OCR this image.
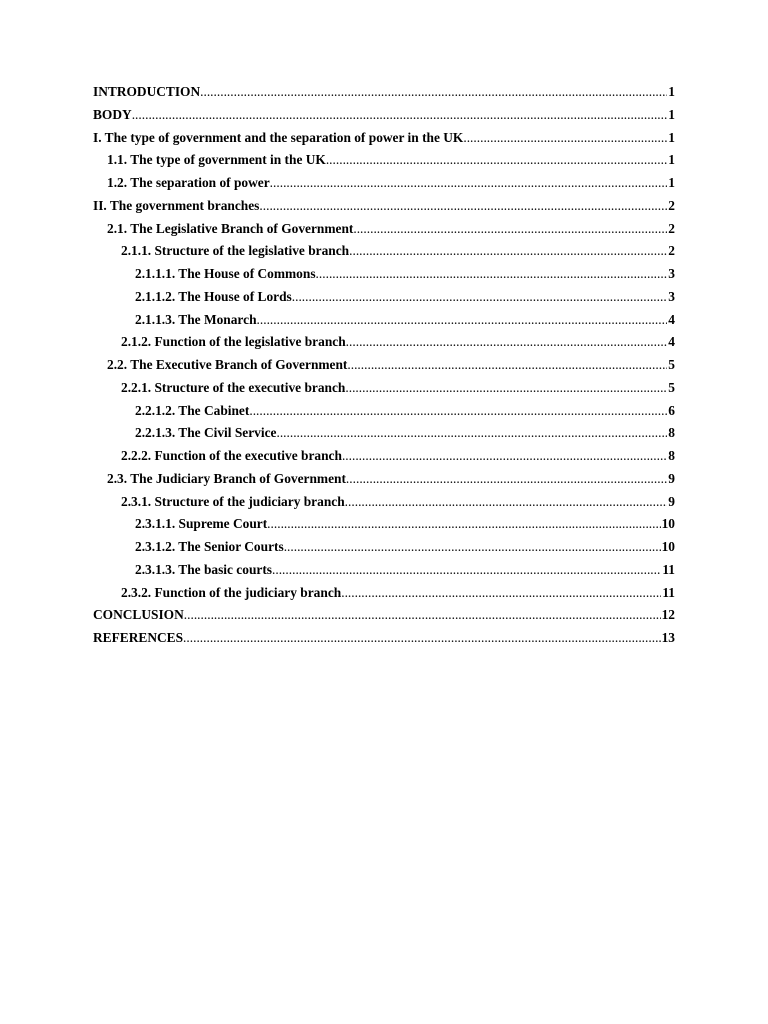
INTRODUCTION .....	1
BODY .....	1
I. The type of government and the separation of power in the UK .....	1
1.1. The type of government in the UK .....	1
1.2. The separation of power .....	1
II. The government branches .....	2
2.1. The Legislative Branch of Government .....	2
2.1.1. Structure of the legislative branch .....	2
2.1.1.1. The House of Commons .....	3
2.1.1.2. The House of Lords .....	3
2.1.1.3. The Monarch .....	4
2.1.2. Function of the legislative branch .....	4
2.2. The Executive Branch of Government .....	5
2.2.1. Structure of the executive branch .....	5
2.2.1.2. The Cabinet .....	6
2.2.1.3. The Civil Service .....	8
2.2.2. Function of the executive branch .....	8
2.3. The Judiciary Branch of Government .....	9
2.3.1. Structure of the judiciary branch .....	9
2.3.1.1. Supreme Court .....	10
2.3.1.2. The Senior Courts .....	10
2.3.1.3. The basic courts .....	11
2.3.2. Function of the judiciary branch .....	11
CONCLUSION .....	12
REFERENCES .....	13
